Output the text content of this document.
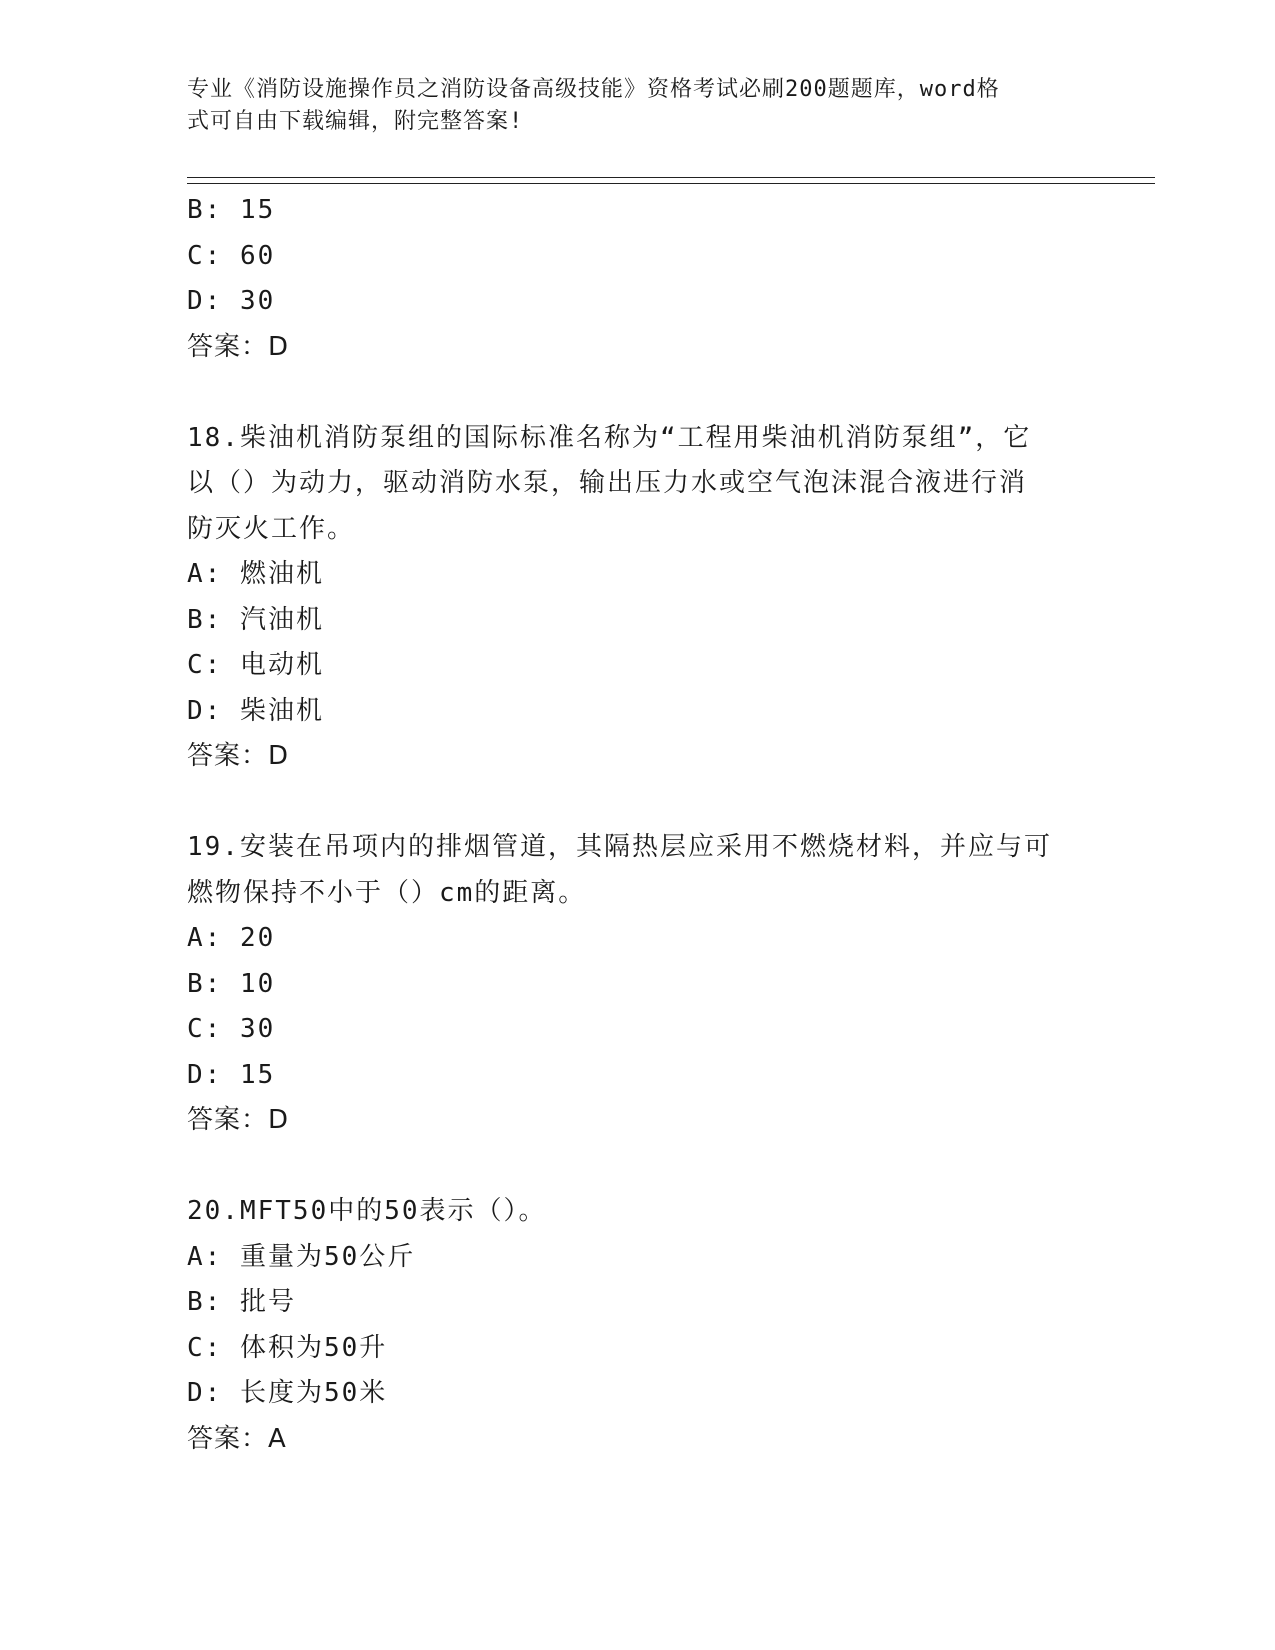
专业《消防设施操作员之消防设备高级技能》资格考试必刷200题题库，word格
式可自由下载编辑，附完整答案!
B: 15
C: 60
D: 30
答案：D
18.柴油机消防泵组的国际标准名称为“工程用柴油机消防泵组”，它
以（）为动力，驱动消防水泵，输出压力水或空气泡沫混合液进行消
防灭火工作。
A: 燃油机
B: 汽油机
C: 电动机
D: 柴油机
答案：D
19.安装在吊项内的排烟管道，其隔热层应采用不燃烧材料，并应与可
燃物保持不小于（）cm的距离。
A: 20
B: 10
C: 30
D: 15
答案：D
20.MFT50中的50表示（）。
A: 重量为50公斤
B: 批号
C: 体积为50升
D: 长度为50米
答案：A
